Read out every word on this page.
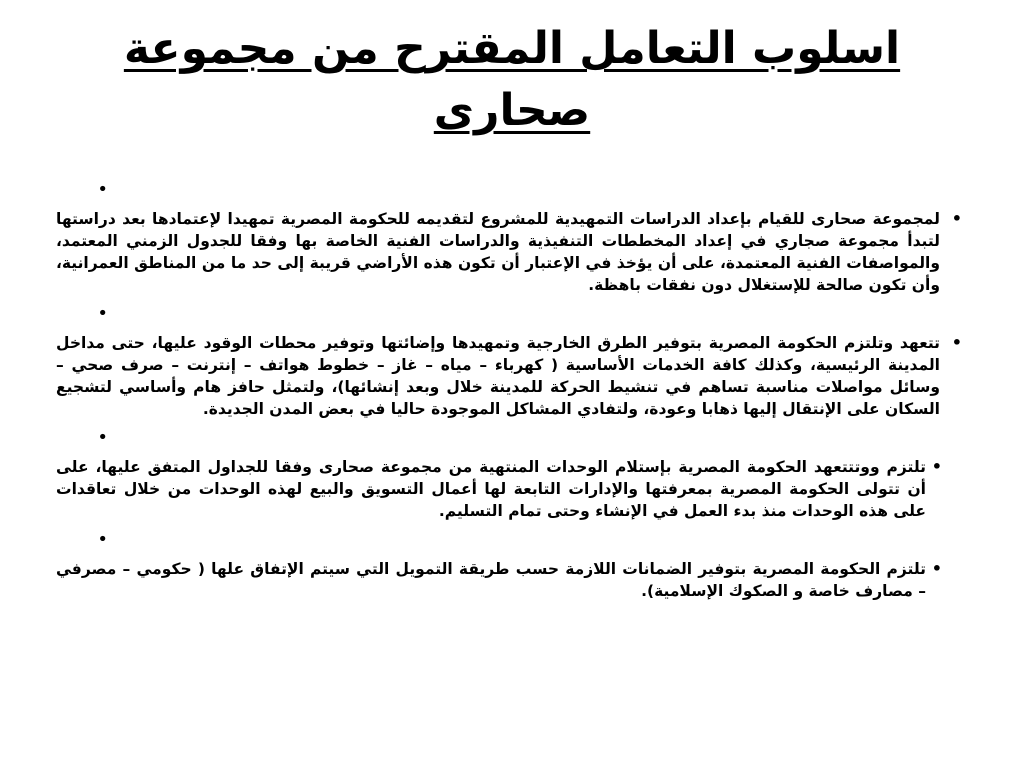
اسلوب التعامل المقترح من مجموعة صحارى
•

• لمجموعة صحارى للقيام بإعداد الدراسات التمهيدية للمشروع لتقديمه للحكومة المصرية تمهيدا لإعتمادها بعد دراستها لتبدأ مجموعة صجاري في إعداد المخططات التنفيذية والدراسات الفنية الخاصة بها وفقا للجدول الزمني المعتمد، والمواصفات الفنية المعتمدة، على أن يؤخذ في الإعتبار أن تكون هذه الأراضي قريبة إلى حد ما من المناطق العمرانية، وأن تكون صالحة للإستغلال دون نفقات باهظة.

•

• تتعهد وتلتزم الحكومة المصرية بتوفير الطرق الخارجية وتمهيدها وإضائتها وتوفير محطات الوقود عليها، حتى مداخل المدينة الرئيسية، وكذلك كافة الخدمات الأساسية ( كهرباء – مياه – غاز – خطوط هواتف – إنترنت – صرف صحي – وسائل مواصلات مناسبة تساهم في تنشيط الحركة للمدينة خلال وبعد إنشائها)، ولتمثل حافز هام وأساسي لتشجيع السكان على الإنتقال إليها ذهابا وعودة، ولتفادي المشاكل الموجودة حاليا في بعض المدن الجديدة.

•

• تلتزم ووتتتعهد الحكومة المصرية بإستلام الوحدات المنتهية من مجموعة صحارى وفقا للجداول المتفق عليها، على أن تتولى الحكومة المصرية بمعرفتها والإدارات التابعة لها أعمال التسويق والبيع لهذه الوحدات من خلال تعاقدات على هذه الوحدات منذ بدء العمل في الإنشاء وحتى تمام التسليم.

•

• تلتزم الحكومة المصرية بتوفير الضمانات اللازمة حسب طريقة التمويل التي سيتم الإتفاق علها ( حكومي – مصرفي – مصارف خاصة و الصكوك الإسلامية).
